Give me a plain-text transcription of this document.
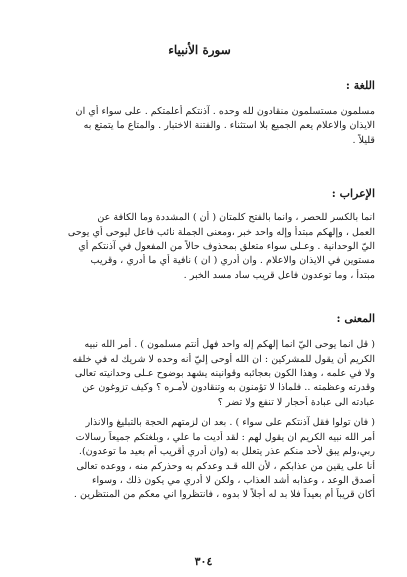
سورة الأنبياء

اللغة :

مسلمون مستسلمون منقادون لله وحده . آذنتكم أعلمتكم . على سواء أي ان
الايذان والاعلام يعم الجميع بلا استثناء . والفتنة الاختبار . والمتاع ما يتمتع به
قليلاً .

الإعراب :

انما بالكسر للحصر ، وانما بالفتح كلمتان ( أن ) المشددة وما الكافة عن
العمل ، وإلهكم مبتدأ وإله واحد خبر ،ومعنى الجملة نائب فاعل ليوحى أي يوحى
اليّ الوحدانية . وعـلى سواء متعلق بمحذوف حالاً من المفعول في آذنتكم أي
مستوين في الايذان والاعلام . وان أدري ( ان ) نافية أي ما أدري ، وقريب
مبتدأ ، وما توعدون فاعل قريب ساد مسد الخبر .

المعنى :

( قل انما يوحى اليّ انما إلهكم إله واحد فهل أنتم مسلمون ) . أمر الله نبيه
الكريم أن يقول للمشركين : ان الله أوحى إليّ أنه وحده لا شريك له في خلقه
ولا في علمه ، وهذا الكون بعجائبه وقوانينه يشهد بوضوح عـلى وحدانيته تعالى
وقدرته وعظمته .. فلماذا لا تؤمنون به وتنقادون لأمـره ؟ وكيف تزوغون عن
عبادته الى عبادة أحجار لا تنفع ولا تضر ؟

( فان تولوا فقل آذنتكم على سواء ) . بعد ان لزمتهم الحجة بالتبليغ والانذار
أمر الله نبيه الكريم ان يقول لهم : لقد أديت ما علي ، وبلغتكم جميعاً رسالات
ربي،ولم يبق لأحد منكم عذر يتعلل به (وان أدري أقريب أم بعيد ما توعدون).
أنا على يقين من عذابكم ، لأن الله قـد وعدكم به وحذركم منه ، ووعده تعالى
أصدق الوعد ، وعذابه أشد العذاب ، ولكن لا أدري مي يكون ذلك ، وسواء
أكان قريباً أم بعيداً فلا بد له أجلاً لا بدوه ، فانتظروا اني معكم من المنتظرين .

٣٠٤
